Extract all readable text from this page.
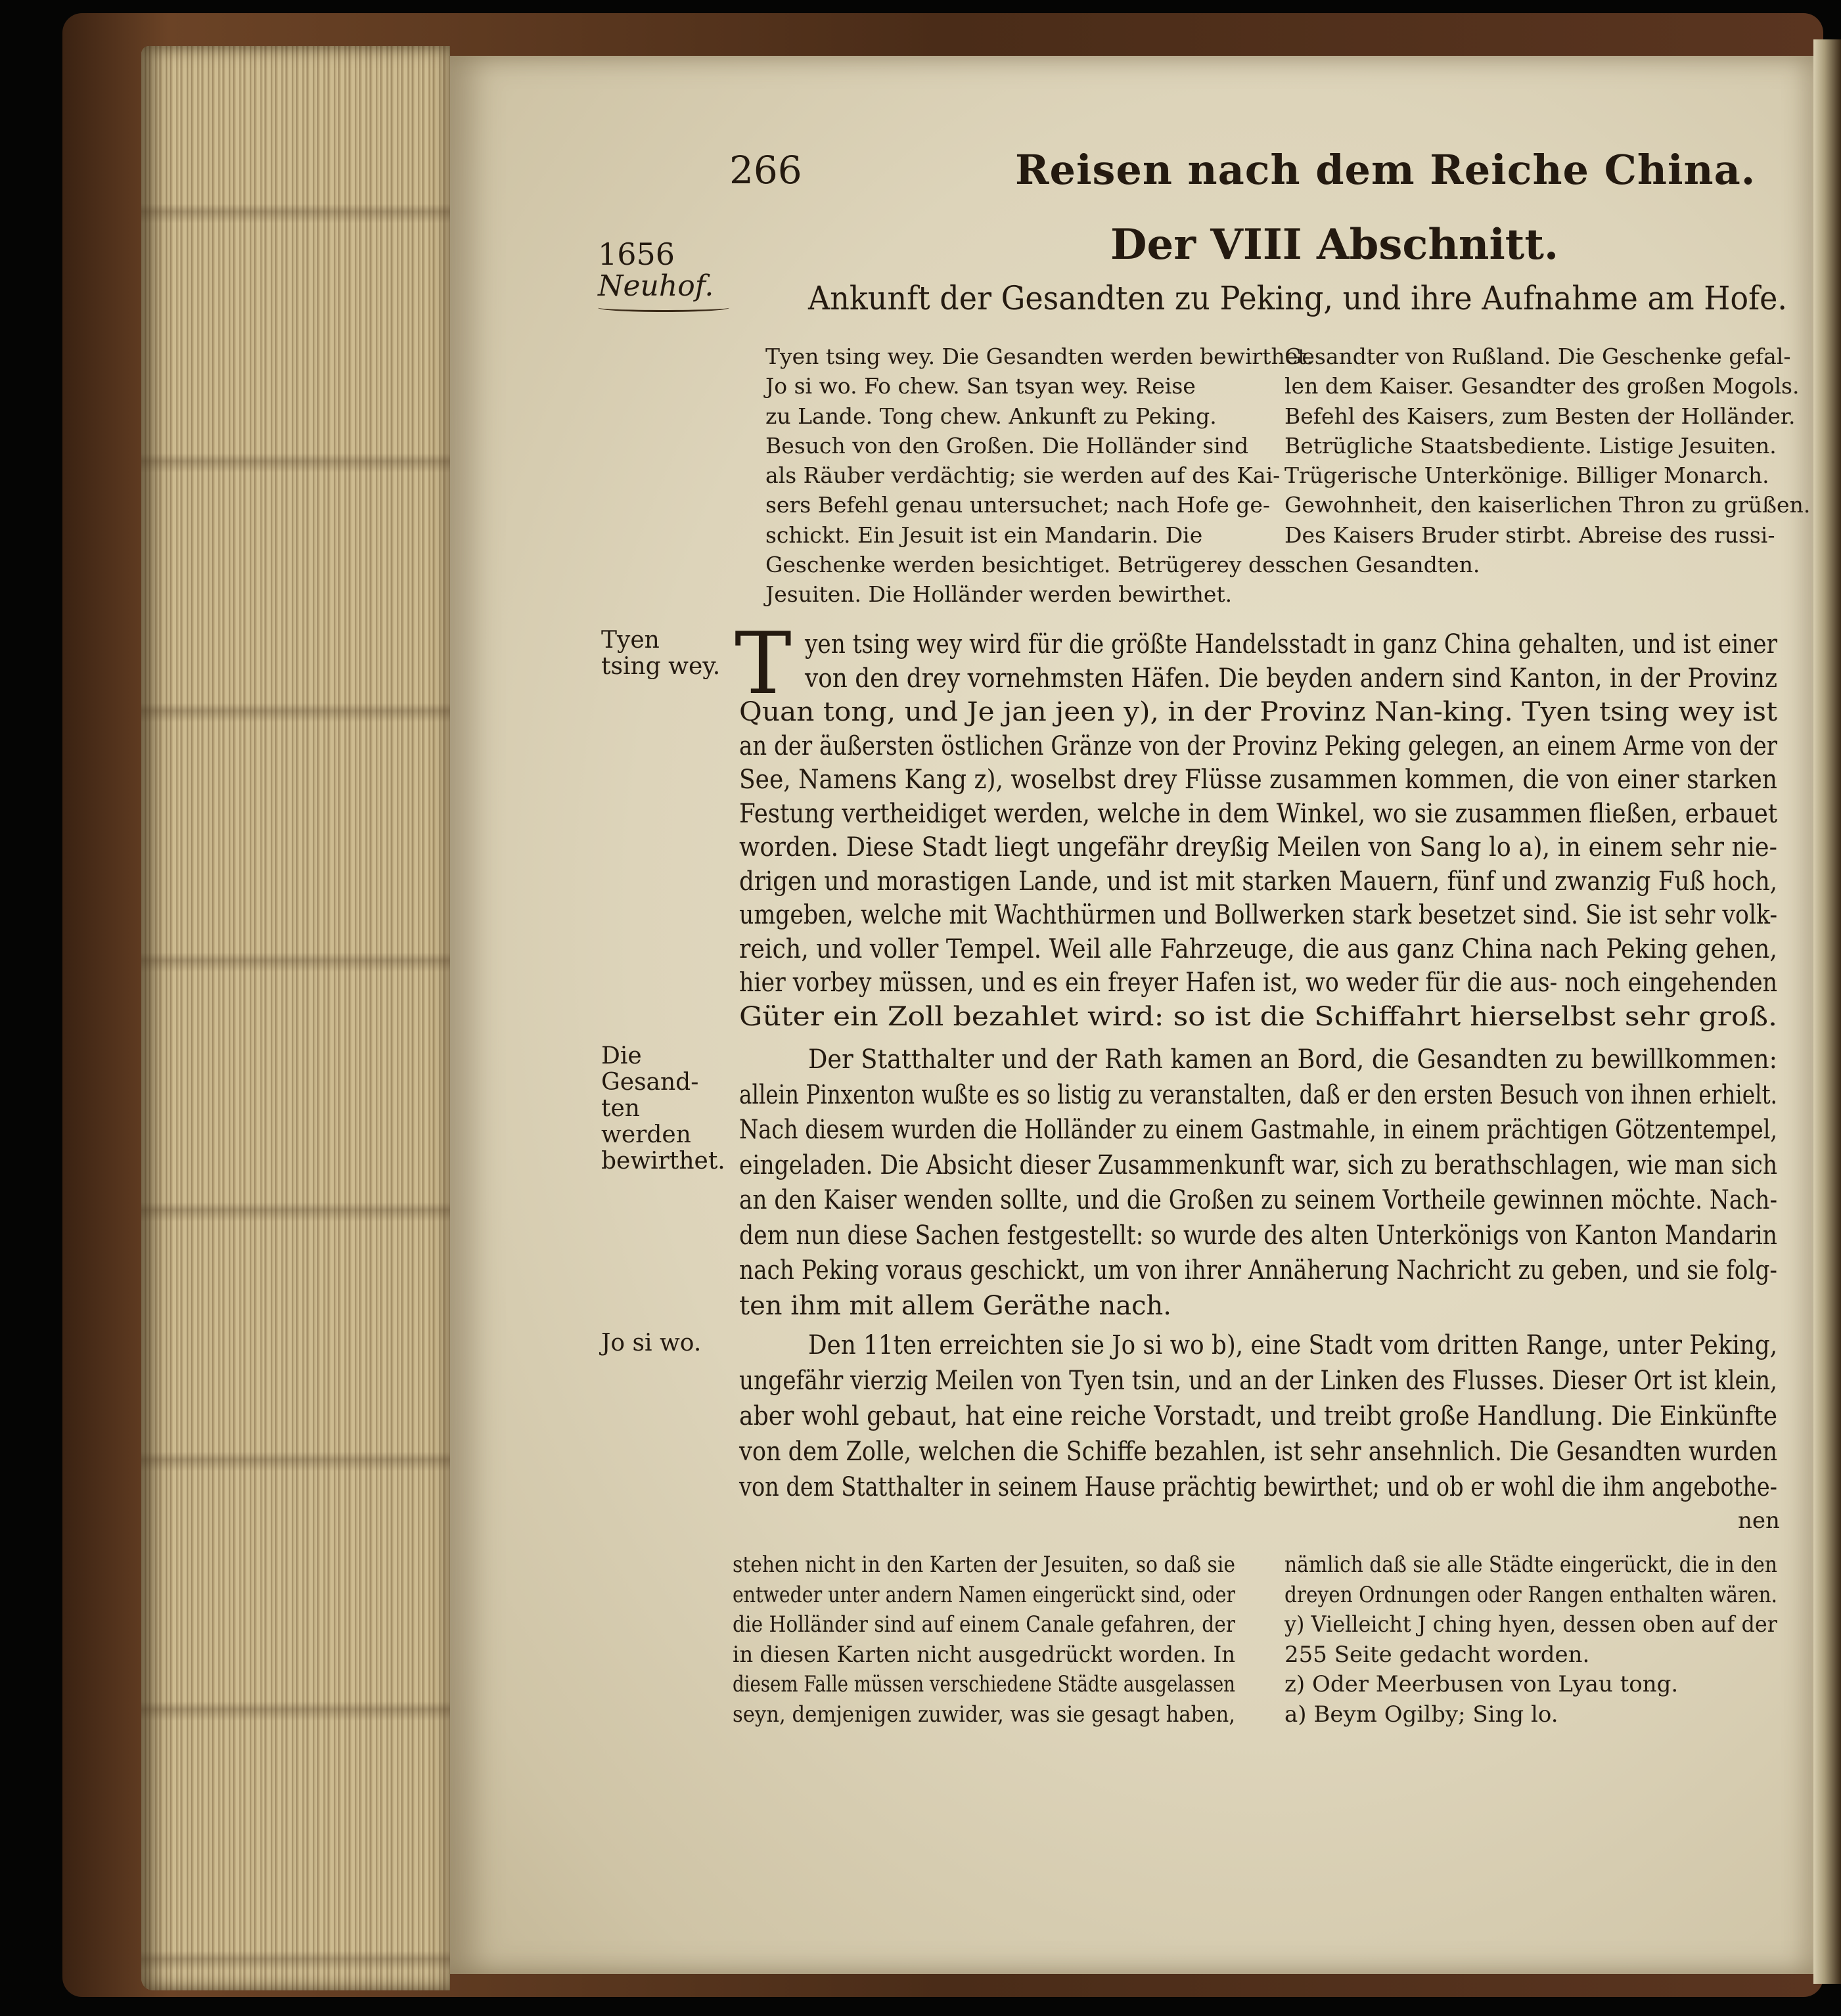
266	Reisen nach dem Reiche China.
1656
Neuhof.
Der VIII Abschnitt.
Ankunft der Gesandten zu Peking, und ihre Aufnahme am Hofe.
Tyen tsing wey. Die Gesandten werden bewirthet.
Jo si wo. Fo chew. San tsyan wey. Reise
zu Lande. Tong chew. Ankunft zu Peking.
Besuch von den Großen. Die Holländer sind
als Räuber verdächtig; sie werden auf des Kai-
sers Befehl genau untersuchet; nach Hofe ge-
schickt. Ein Jesuit ist ein Mandarin. Die
Geschenke werden besichtiget. Betrügerey des
Jesuiten. Die Holländer werden bewirthet.
Gesandter von Rußland. Die Geschenke gefal-
len dem Kaiser. Gesandter des großen Mogols.
Befehl des Kaisers, zum Besten der Holländer.
Betrügliche Staatsbediente. Listige Jesuiten.
Trügerische Unterkönige. Billiger Monarch.
Gewohnheit, den kaiserlichen Thron zu grüßen.
Des Kaisers Bruder stirbt. Abreise des russi-
schen Gesandten.
T yen tsing wey wird für die größte Handelsstadt in ganz China gehalten, und ist einer
von den drey vornehmsten Häfen. Die beyden andern sind Kanton, in der Provinz
Quan tong, und Je jan jeen y), in der Provinz Nan-king. Tyen tsing wey ist
an der äußersten östlichen Gränze von der Provinz Peking gelegen, an einem Arme von der
See, Namens Kang z), woselbst drey Flüsse zusammen kommen, die von einer starken
Festung vertheidiget werden, welche in dem Winkel, wo sie zusammen fließen, erbauet
worden. Diese Stadt liegt ungefähr dreyßig Meilen von Sang lo a), in einem sehr nie-
drigen und morastigen Lande, und ist mit starken Mauern, fünf und zwanzig Fuß hoch,
umgeben, welche mit Wachthürmen und Bollwerken stark besetzet sind. Sie ist sehr volk-
reich, und voller Tempel. Weil alle Fahrzeuge, die aus ganz China nach Peking gehen,
hier vorbey müssen, und es ein freyer Hafen ist, wo weder für die aus- noch eingehenden
Güter ein Zoll bezahlet wird: so ist die Schiffahrt hierselbst sehr groß.
Der Statthalter und der Rath kamen an Bord, die Gesandten zu bewillkommen:
allein Pinxenton wußte es so listig zu veranstalten, daß er den ersten Besuch von ihnen erhielt.
Nach diesem wurden die Holländer zu einem Gastmahle, in einem prächtigen Götzentempel,
eingeladen. Die Absicht dieser Zusammenkunft war, sich zu berathschlagen, wie man sich
an den Kaiser wenden sollte, und die Großen zu seinem Vortheile gewinnen möchte. Nach-
dem nun diese Sachen festgestellt: so wurde des alten Unterkönigs von Kanton Mandarin
nach Peking voraus geschickt, um von ihrer Annäherung Nachricht zu geben, und sie folg-
ten ihm mit allem Geräthe nach.
Den 11ten erreichten sie Jo si wo b), eine Stadt vom dritten Range, unter Peking,
ungefähr vierzig Meilen von Tyen tsin, und an der Linken des Flusses. Dieser Ort ist klein,
aber wohl gebaut, hat eine reiche Vorstadt, und treibt große Handlung. Die Einkünfte
von dem Zolle, welchen die Schiffe bezahlen, ist sehr ansehnlich. Die Gesandten wurden
von dem Statthalter in seinem Hause prächtig bewirthet; und ob er wohl die ihm angebothe-
nen
Tyen tsing wey.
Die Gesand-ten werden bewirthet.
Jo si wo.
stehen nicht in den Karten der Jesuiten, so daß sie
entweder unter andern Namen eingerückt sind, oder
die Holländer sind auf einem Canale gefahren, der
in diesen Karten nicht ausgedrückt worden. In
diesem Falle müssen verschiedene Städte ausgelassen
seyn, demjenigen zuwider, was sie gesagt haben,
nämlich daß sie alle Städte eingerückt, die in den
dreyen Ordnungen oder Rangen enthalten wären.
y) Vielleicht J ching hyen, dessen oben auf der
255 Seite gedacht worden.
z) Oder Meerbusen von Lyau tong.
a) Beym Ogilby; Sing lo.
